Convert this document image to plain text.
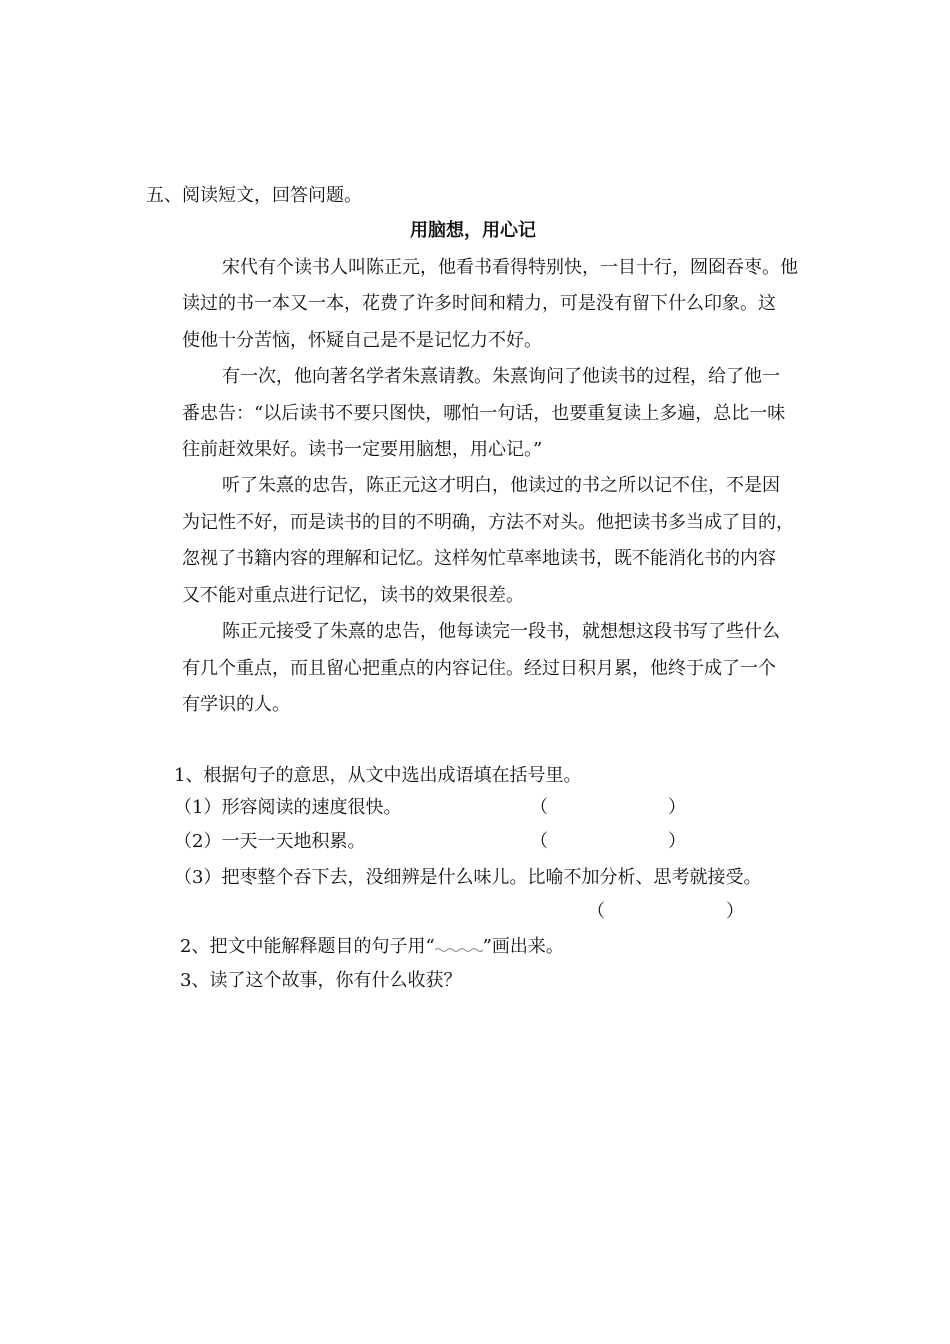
五、阅读短文，回答问题。
用脑想，用心记
宋代有个读书人叫陈正元，他看书看得特别快，一目十行，囫囵吞枣。他
读过的书一本又一本，花费了许多时间和精力，可是没有留下什么印象。这
使他十分苦恼，怀疑自己是不是记忆力不好。
有一次，他向著名学者朱熹请教。朱熹询问了他读书的过程，给了他一
番忠告：“以后读书不要只图快，哪怕一句话，也要重复读上多遍，总比一味
往前赶效果好。读书一定要用脑想，用心记。”
听了朱熹的忠告，陈正元这才明白，他读过的书之所以记不住，不是因
为记性不好，而是读书的目的不明确，方法不对头。他把读书多当成了目的，
忽视了书籍内容的理解和记忆。这样匆忙草率地读书，既不能消化书的内容
又不能对重点进行记忆，读书的效果很差。
陈正元接受了朱熹的忠告，他每读完一段书，就想想这段书写了些什么
有几个重点，而且留心把重点的内容记住。经过日积月累，他终于成了一个
有学识的人。
1、根据句子的意思，从文中选出成语填在括号里。
（1）形容阅读的速度很快。	（	）
（2）一天一天地积累。	（	）
（3）把枣整个吞下去，没细辨是什么味儿。比喻不加分析、思考就接受。
（	）
2、把文中能解释题目的句子用“	”画出来。
3、读了这个故事，你有什么收获？
